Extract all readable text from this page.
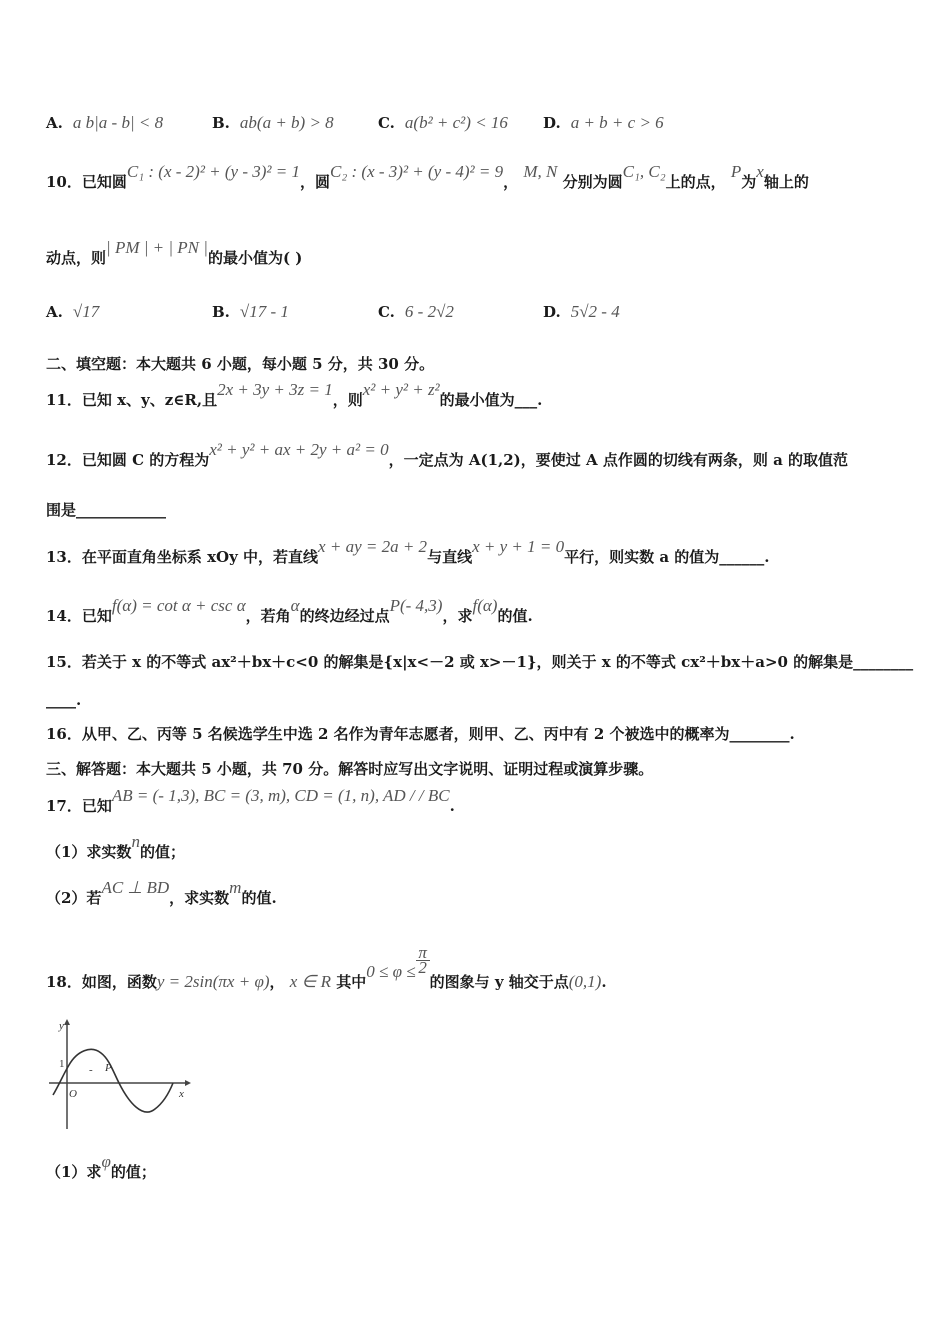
A. a b|a - b| < 8	B. ab(a + b) > 8	C. a(b² + c²) < 16 D. a + b + c > 6
10．已知圆C₁ : (x - 2)² + (y - 3)² = 1，圆C₂ : (x - 3)² + (y - 4)² = 9， M, N 分别为圆C₁, C₂上的点， P为x轴上的
动点，则| PM | + | PN |的最小值为( )
A. √17	B. √17 - 1	C. 6 - 2√2	D. 5√2 - 4
二、填空题：本大题共 6 小题，每小题 5 分，共 30 分。
11．已知 x、y、z∈R,且2x + 3y + 3z = 1，则x² + y² + z²的最小值为___.
12．已知圆 C 的方程为x² + y² + ax + 2y + a² = 0，一定点为 A(1,2)，要使过 A 点作圆的切线有两条，则 a 的取值范
围是____________
13．在平面直角坐标系 xOy 中，若直线x + ay = 2a + 2与直线x + y + 1 = 0平行，则实数 a 的值为______.
14．已知f(α) = cot α + csc α，若角α的终边经过点P(- 4,3)，求f(α)的值.
15．若关于 x 的不等式 ax²＋bx＋c<0 的解集是{x|x<－2 或 x>－1}，则关于 x 的不等式 cx²＋bx＋a>0 的解集是________
____.
16．从甲、乙、丙等 5 名候选学生中选 2 名作为青年志愿者，则甲、乙、丙中有 2 个被选中的概率为________.
三、解答题：本大题共 5 小题，共 70 分。解答时应写出文字说明、证明过程或演算步骤。
17．已知AB = (- 1,3), BC = (3, m), CD = (1, n), AD / / BC.
（1）求实数n的值；
（2）若AC ⊥ BD，求实数m的值.
18．如图，函数y = 2sin(πx + φ)， x ∈ R 其中$0 \le \varphi \le \frac{\pi}{2}$
的图象与 y 轴交于点(0,1).
y
1
O	x
P
-
（1）求φ的值；
